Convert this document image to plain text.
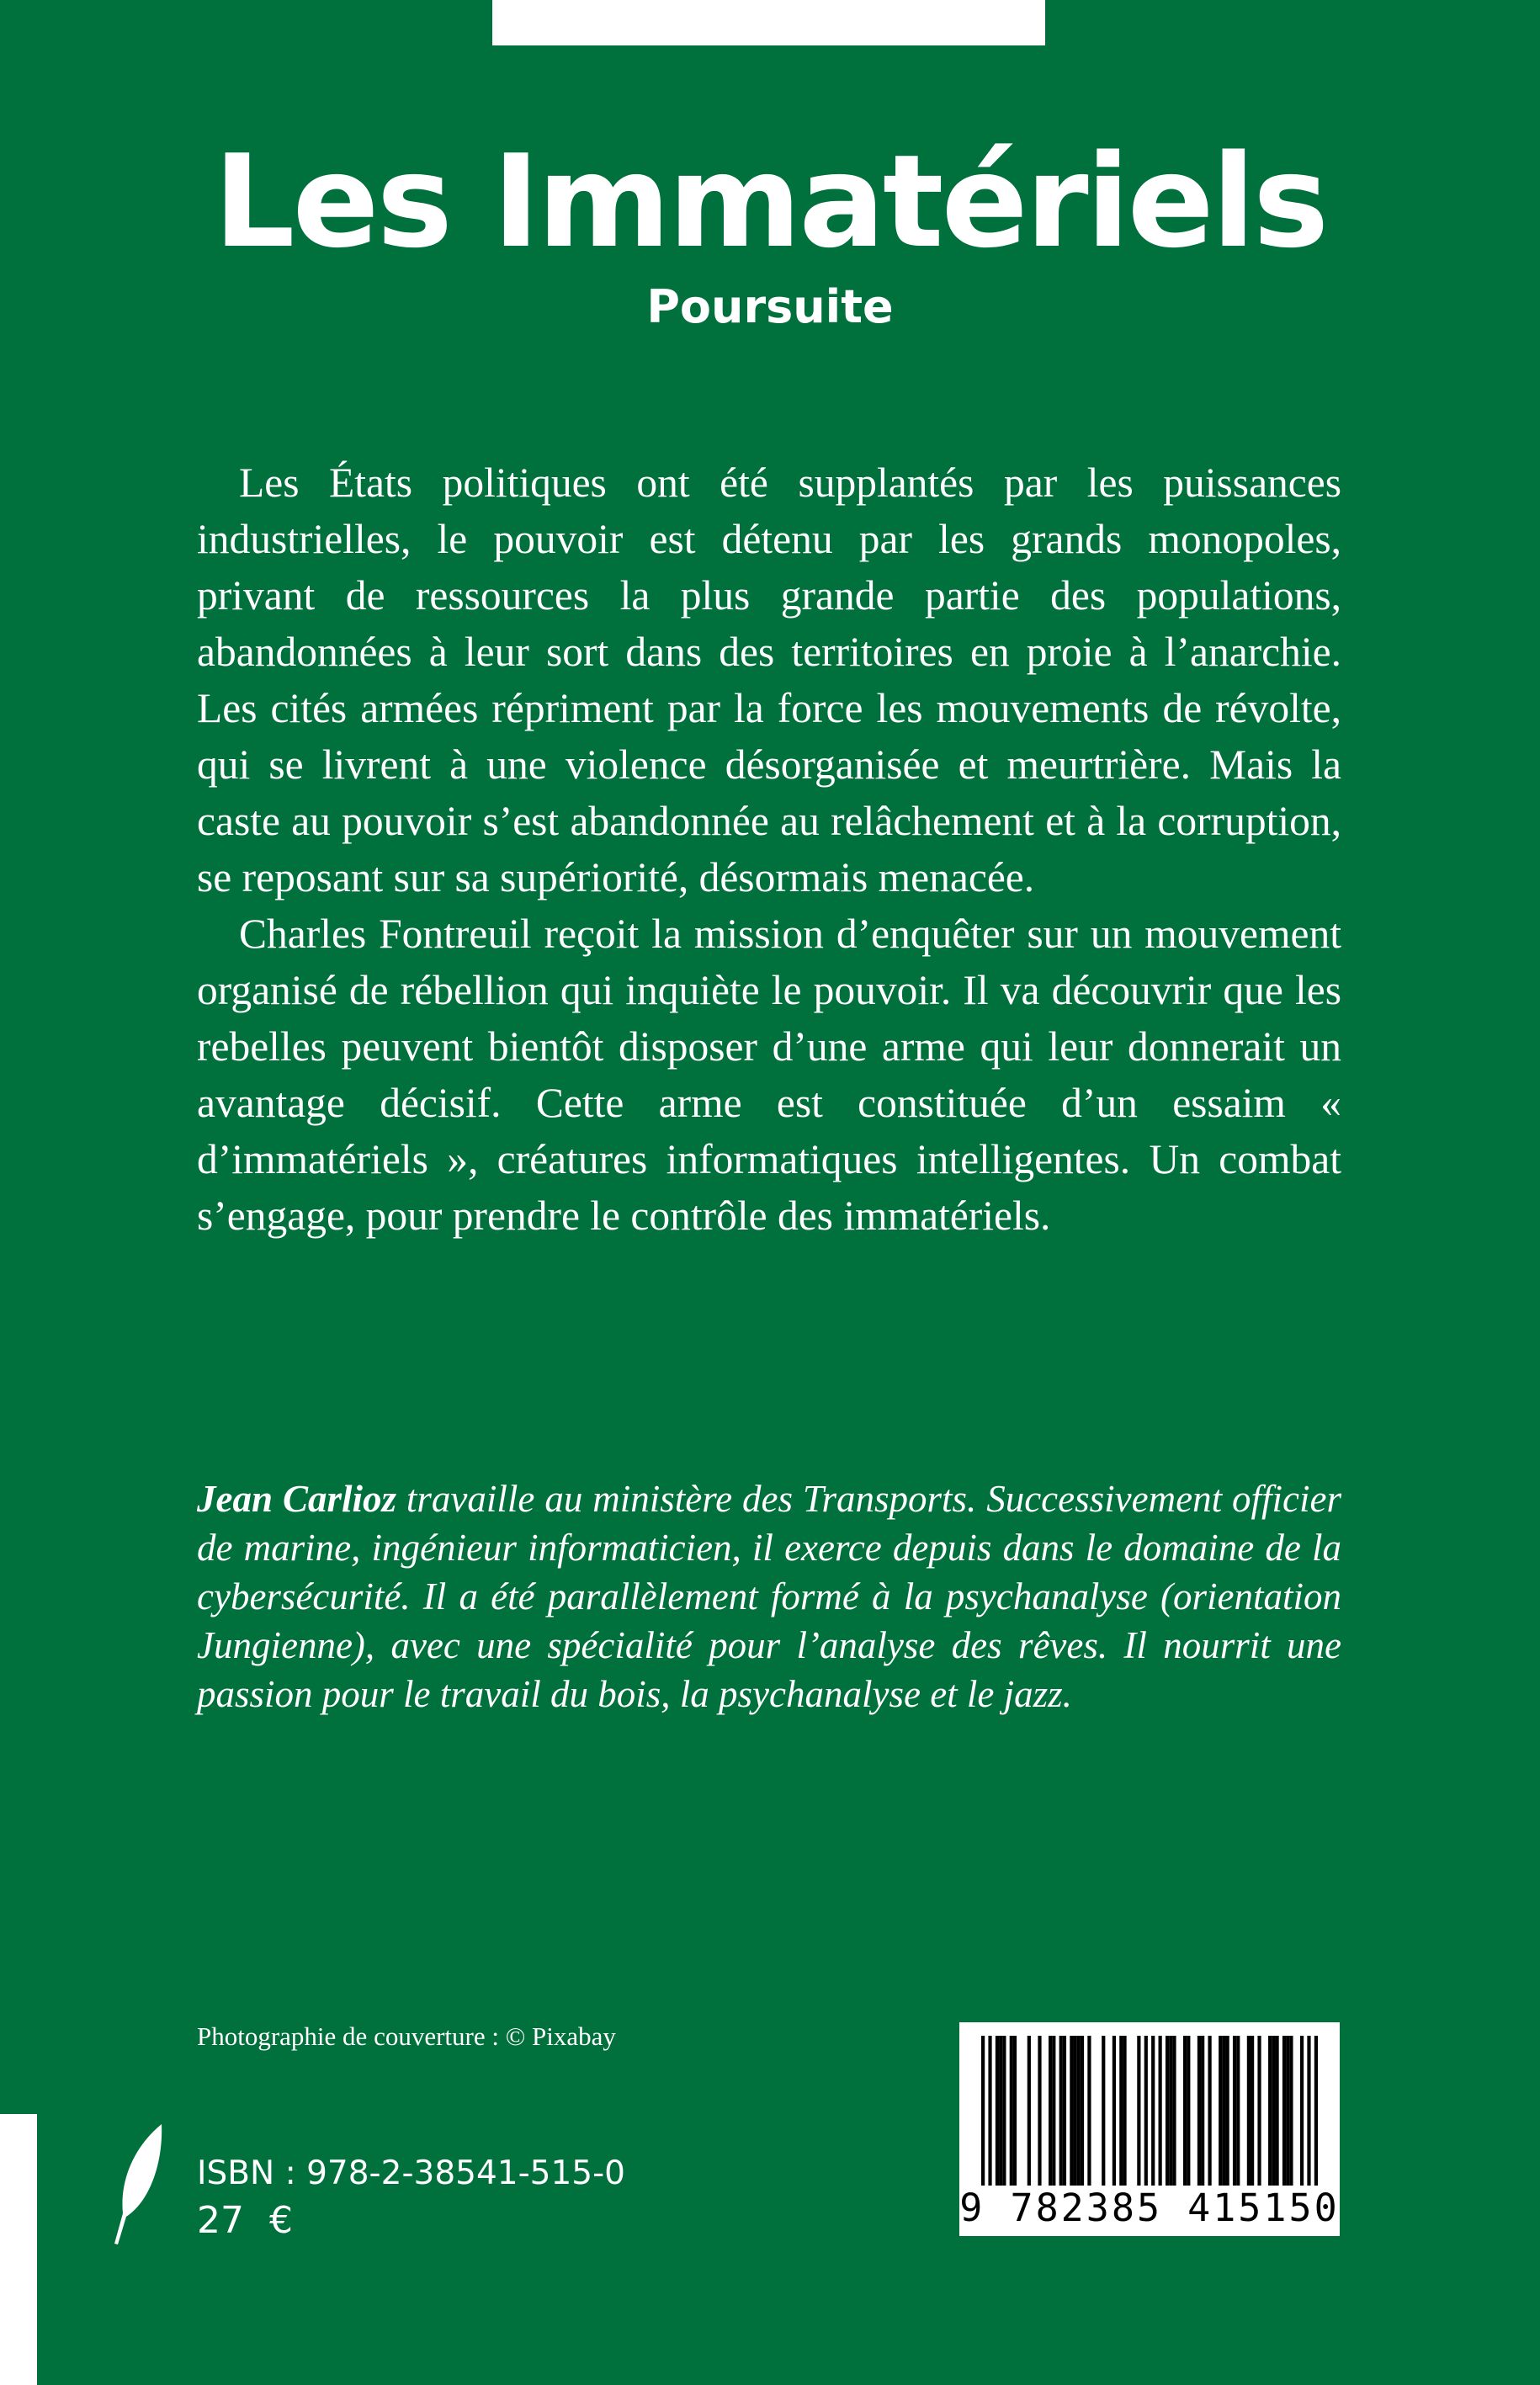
Les Immatériels
Poursuite

Les États politiques ont été supplantés par les puissances industrielles, le pouvoir est détenu par les grands monopoles, privant de ressources la plus grande partie des populations, abandonnées à leur sort dans des territoires en proie à l’anarchie. Les cités armées répriment par la force les mouvements de révolte, qui se livrent à une violence désorganisée et meurtrière. Mais la caste au pouvoir s’est abandonnée au relâchement et à la corruption, se reposant sur sa supériorité, désormais menacée.

Charles Fontreuil reçoit la mission d’enquêter sur un mouvement organisé de rébellion qui inquiète le pouvoir. Il va découvrir que les rebelles peuvent bientôt disposer d’une arme qui leur donnerait un avantage décisif. Cette arme est constituée d’un essaim « d’immatériels », créatures informatiques intelligentes. Un combat s’engage, pour prendre le contrôle des immatériels.

Jean Carlioz travaille au ministère des Transports. Successivement officier de marine, ingénieur informaticien, il exerce depuis dans le domaine de la cybersécurité. Il a été parallèlement formé à la psychanalyse (orientation Jungienne), avec une spécialité pour l’analyse des rêves. Il nourrit une passion pour le travail du bois, la psychanalyse et le jazz.
Photographie de couverture : © Pixabay
ISBN : 978-2-38541-515-0
27 €	9 782385 415150
